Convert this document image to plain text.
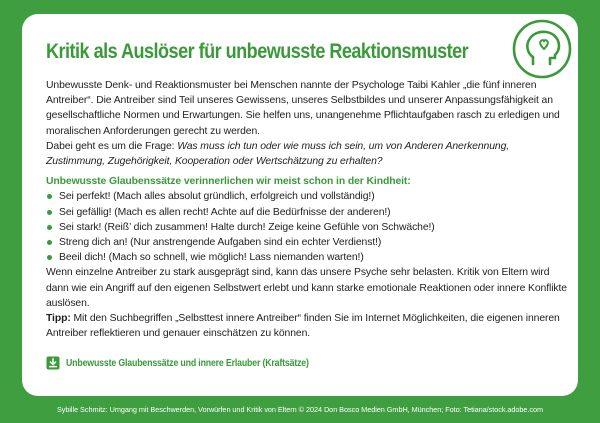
Kritik als Auslöser für unbewusste Reaktionsmuster

Unbewusste Denk- und Reaktionsmuster bei Menschen nannte der Psychologe Taibi Kahler „die fünf inneren Antreiber“. Die Antreiber sind Teil unseres Gewissens, unseres Selbstbildes und unserer Anpassungsfähigkeit an gesellschaftliche Normen und Erwartungen. Sie helfen uns, unangenehme Pflichtaufgaben rasch zu erledigen und moralischen Anforderungen gerecht zu werden.

Dabei geht es um die Frage: Was muss ich tun oder wie muss ich sein, um von Anderen Anerkennung, Zustimmung, Zugehörigkeit, Kooperation oder Wertschätzung zu erhalten?

Unbewusste Glaubenssätze verinnerlichen wir meist schon in der Kindheit:

Sei perfekt! (Mach alles absolut gründlich, erfolgreich und vollständig!)
Sei gefällig! (Mach es allen recht! Achte auf die Bedürfnisse der anderen!)
Sei stark! (Reiß’ dich zusammen! Halte durch! Zeige keine Gefühle von Schwäche!)
Streng dich an! (Nur anstrengende Aufgaben sind ein echter Verdienst!)
Beeil dich! (Mach so schnell, wie möglich! Lass niemanden warten!)

Wenn einzelne Antreiber zu stark ausgeprägt sind, kann das unsere Psyche sehr belasten. Kritik von Eltern wird dann wie ein Angriff auf den eigenen Selbstwert erlebt und kann starke emotionale Reaktionen oder innere Konflikte auslösen.

Tipp: Mit den Suchbegriffen „Selbsttest innere Antreiber“ finden Sie im Internet Möglichkeiten, die eigenen inneren Antreiber reflektieren und genauer einschätzen zu können.

Unbewusste Glaubenssätze und innere Erlauber (Kraftsätze)
Sybille Schmitz: Umgang mit Beschwerden, Vorwürfen und Kritik von Eltern © 2024 Don Bosco Medien GmbH, München; Foto: Tetiana/stock.adobe.com
